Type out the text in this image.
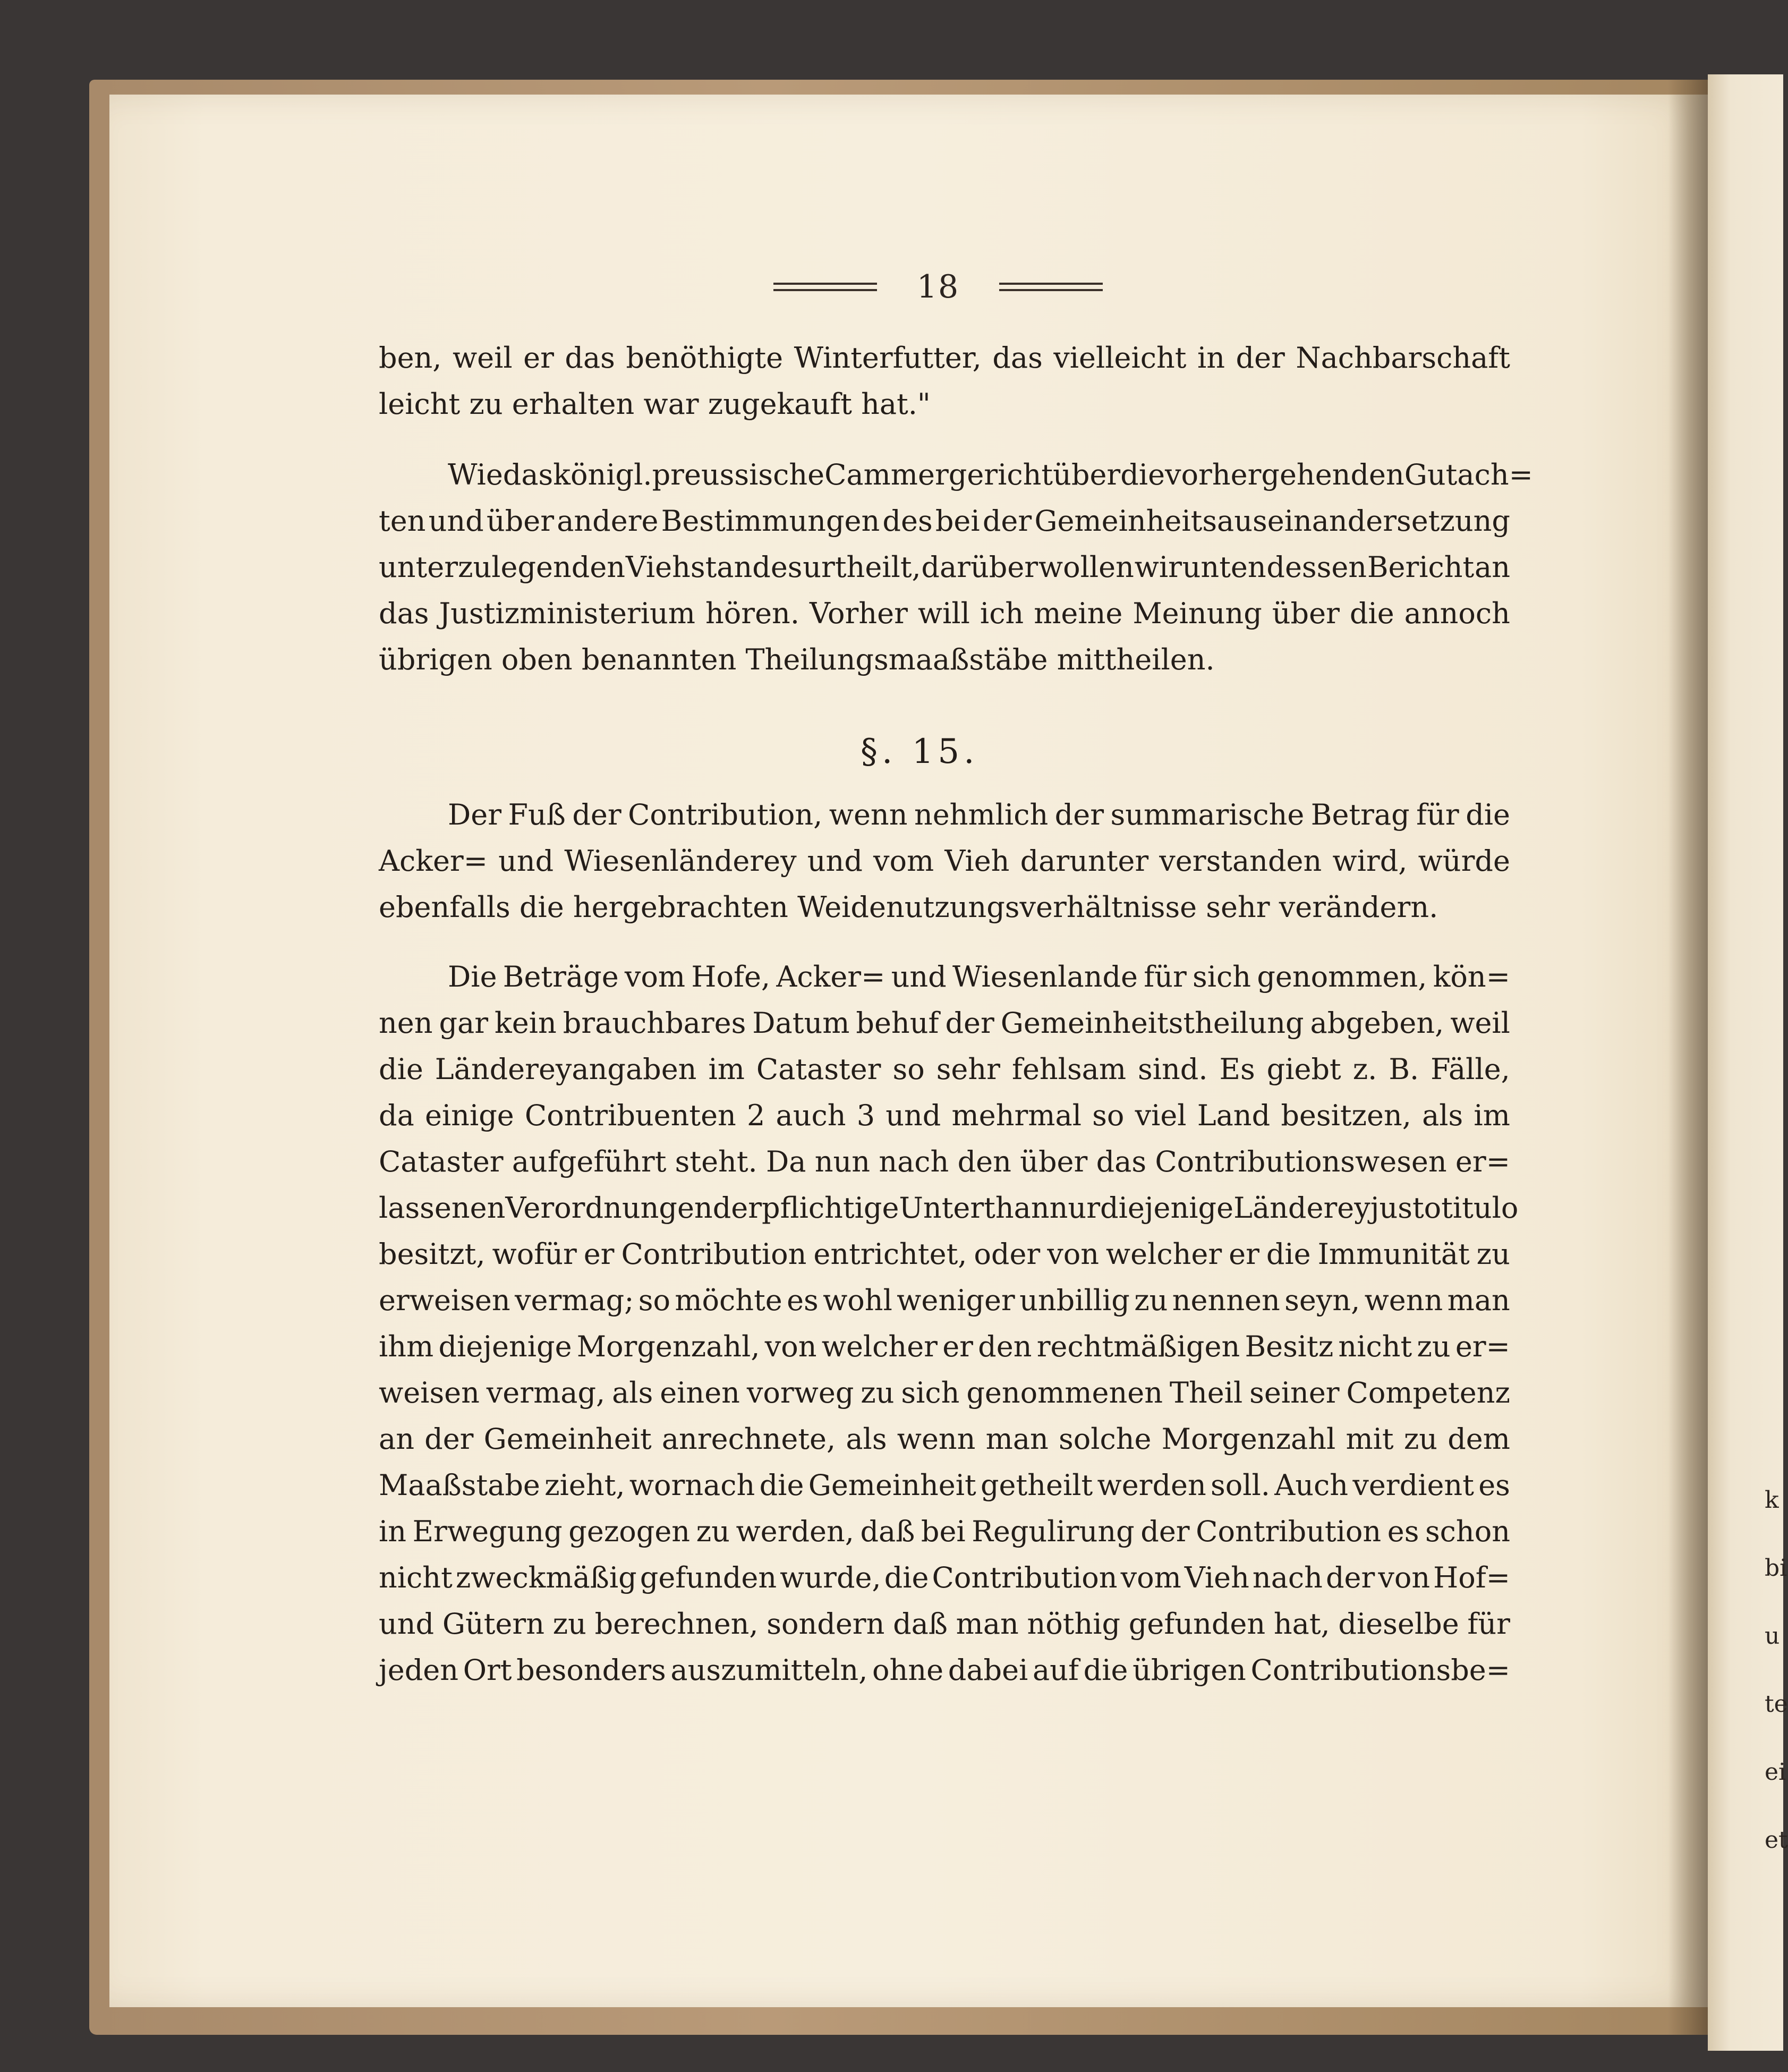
k
bi
u
te
ei
et
18
ben, weil er das benöthigte Winterfutter, das vielleicht in der Nachbarschaft
leicht zu erhalten war zugekauft hat."
Wie das königl. preussische Cammergericht über die vorhergehenden Gutach=
ten und über andere Bestimmungen des bei der Gemeinheitsauseinandersetzung
unterzulegenden Viehstandes urtheilt, darüber wollen wir unten dessen Bericht an
das Justizministerium hören. Vorher will ich meine Meinung über die annoch
übrigen oben benannten Theilungsmaaßstäbe mittheilen.
§. 15.
Der Fuß der Contribution, wenn nehmlich der summarische Betrag für die
Acker= und Wiesenländerey und vom Vieh darunter verstanden wird, würde
ebenfalls die hergebrachten Weidenutzungsverhältnisse sehr verändern.
Die Beträge vom Hofe, Acker= und Wiesenlande für sich genommen, kön=
nen gar kein brauchbares Datum behuf der Gemeinheitstheilung abgeben, weil
die Ländereyangaben im Cataster so sehr fehlsam sind. Es giebt z. B. Fälle,
da einige Contribuenten 2 auch 3 und mehrmal so viel Land besitzen, als im
Cataster aufgeführt steht. Da nun nach den über das Contributionswesen er=
lassenen Verordnungen der pflichtige Unterthan nur diejenige Länderey justo titulo
besitzt, wofür er Contribution entrichtet, oder von welcher er die Immunität zu
erweisen vermag; so möchte es wohl weniger unbillig zu nennen seyn, wenn man
ihm diejenige Morgenzahl, von welcher er den rechtmäßigen Besitz nicht zu er=
weisen vermag, als einen vorweg zu sich genommenen Theil seiner Competenz
an der Gemeinheit anrechnete, als wenn man solche Morgenzahl mit zu dem
Maaßstabe zieht, wornach die Gemeinheit getheilt werden soll. Auch verdient es
in Erwegung gezogen zu werden, daß bei Regulirung der Contribution es schon
nicht zweckmäßig gefunden wurde, die Contribution vom Vieh nach der von Hof=
und Gütern zu berechnen, sondern daß man nöthig gefunden hat, dieselbe für
jeden Ort besonders auszumitteln, ohne dabei auf die übrigen Contributionsbe=
